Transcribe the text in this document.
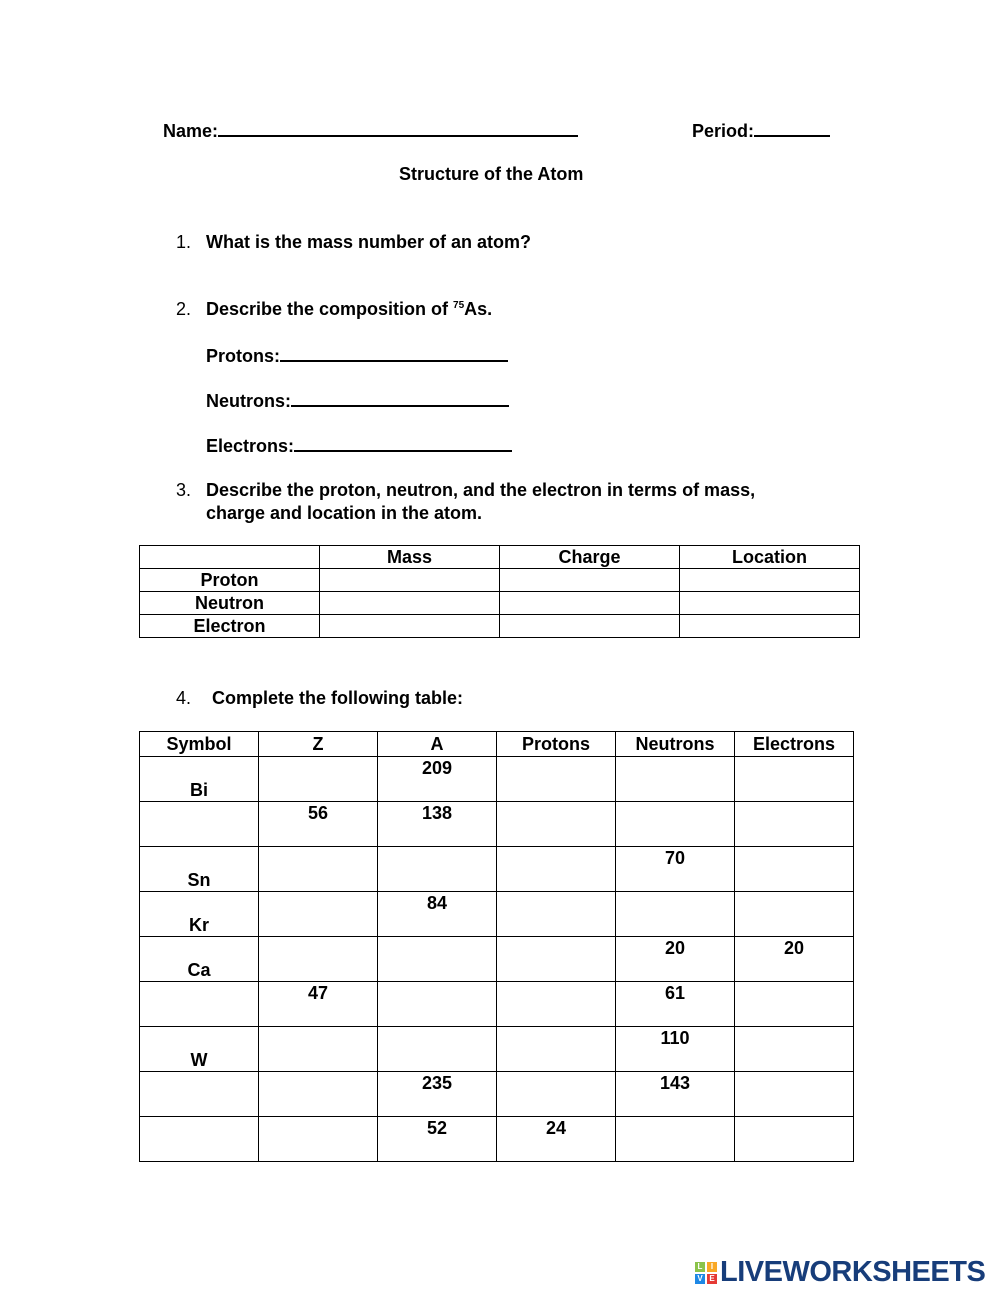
Name:	Period:
Structure of the Atom
1. What is the mass number of an atom?
2. Describe the composition of $^{75}$As.
Protons:
Neutrons:
Electrons:
3. Describe the proton, neutron, and the electron in terms of mass,
charge and location in the atom.
	Mass	Charge	Location
Proton			
Neutron			
Electron			
4. Complete the following table:
Symbol	Z	A	Protons	Neutrons	Electrons

Bi		209			

	56	138			

Sn				70	

Kr		84			

Ca				20	20

	47			61	

W				110	

		235		143	

		52	24		

L	I
V E LIVEWORKSHEETS
